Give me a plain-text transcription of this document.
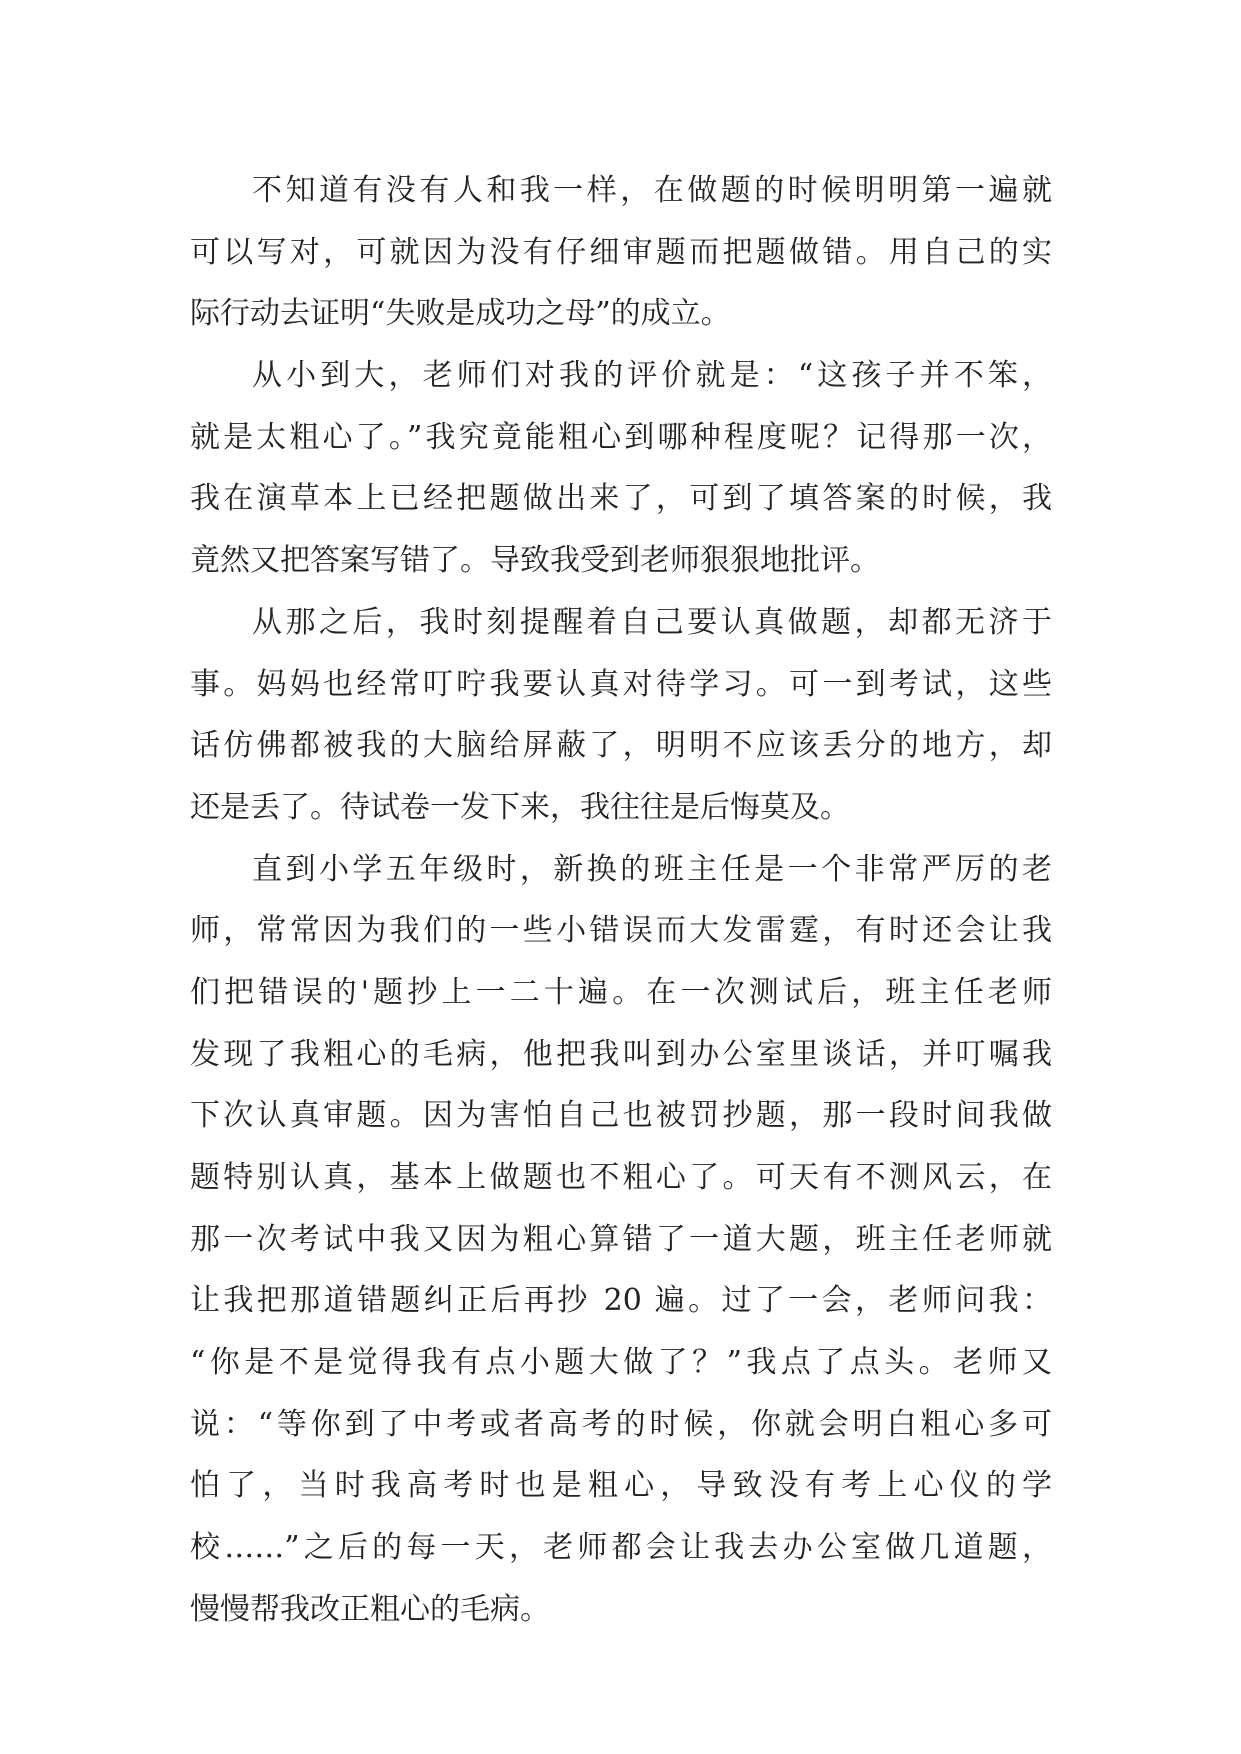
不知道有没有人和我一样，在做题的时候明明第一遍就
可以写对，可就因为没有仔细审题而把题做错。用自己的实
际行动去证明“失败是成功之母”的成立。
从小到大，老师们对我的评价就是：“这孩子并不笨，
就是太粗心了。”我究竟能粗心到哪种程度呢？记得那一次，
我在演草本上已经把题做出来了，可到了填答案的时候，我
竟然又把答案写错了。导致我受到老师狠狠地批评。
从那之后，我时刻提醒着自己要认真做题，却都无济于
事。妈妈也经常叮咛我要认真对待学习。可一到考试，这些
话仿佛都被我的大脑给屏蔽了，明明不应该丢分的地方，却
还是丢了。待试卷一发下来，我往往是后悔莫及。
直到小学五年级时，新换的班主任是一个非常严厉的老
师，常常因为我们的一些小错误而大发雷霆，有时还会让我
们把错误的'题抄上一二十遍。在一次测试后，班主任老师
发现了我粗心的毛病，他把我叫到办公室里谈话，并叮嘱我
下次认真审题。因为害怕自己也被罚抄题，那一段时间我做
题特别认真，基本上做题也不粗心了。可天有不测风云，在
那一次考试中我又因为粗心算错了一道大题，班主任老师就
让我把那道错题纠正后再抄 20 遍。过了一会，老师问我：
“你是不是觉得我有点小题大做了？”我点了点头。老师又
说：“等你到了中考或者高考的时候，你就会明白粗心多可
怕了，当时我高考时也是粗心，导致没有考上心仪的学
校……”之后的每一天，老师都会让我去办公室做几道题，
慢慢帮我改正粗心的毛病。
